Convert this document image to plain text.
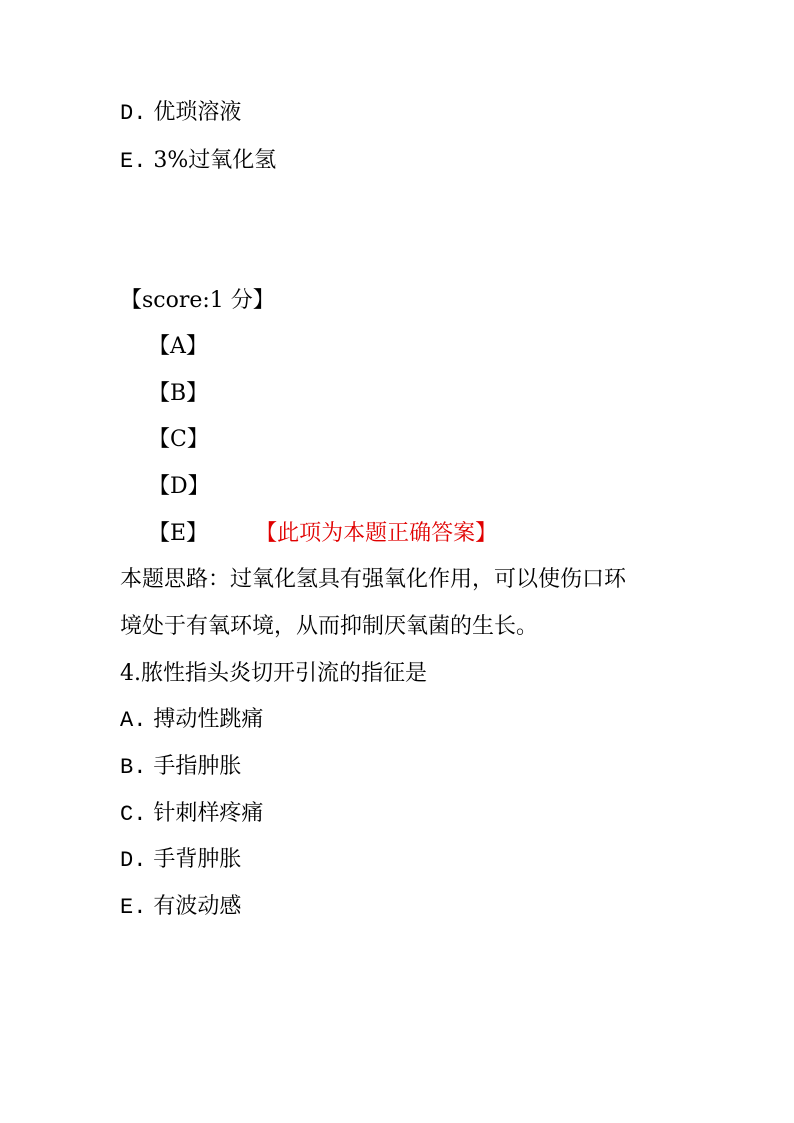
D. 优琐溶液
E. 3%过氧化氢
【score:1 分】
【A】
【B】
【C】
【D】
【E】 【此项为本题正确答案】
本题思路：过氧化氢具有强氧化作用，可以使伤口环
境处于有氧环境，从而抑制厌氧菌的生长。
4.脓性指头炎切开引流的指征是
A. 搏动性跳痛
B. 手指肿胀
C. 针刺样疼痛
D. 手背肿胀
E. 有波动感
